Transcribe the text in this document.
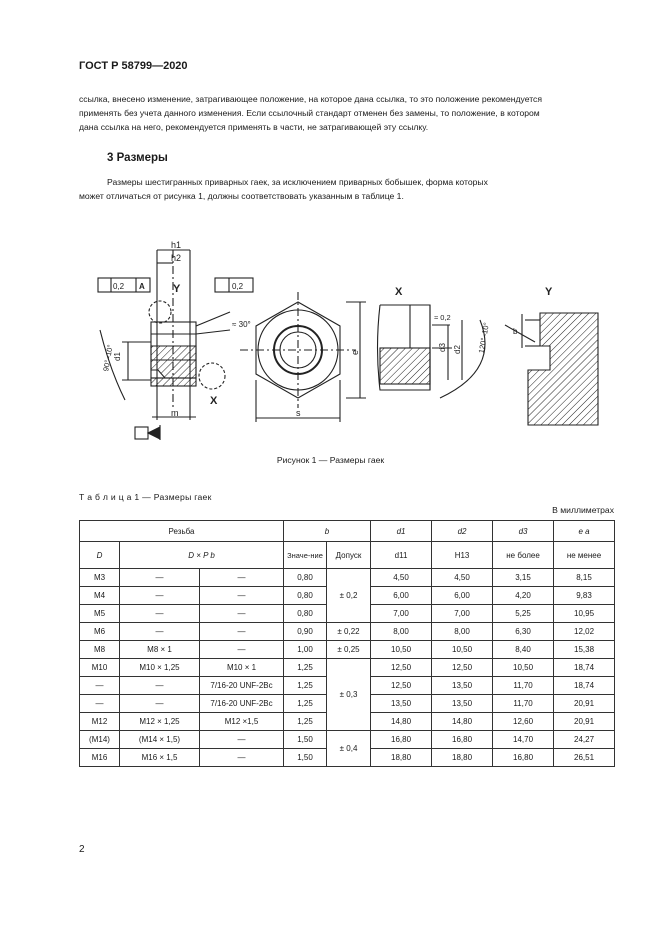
ГОСТ Р 58799—2020
ссылка, внесено изменение, затрагивающее положение, на которое дана ссылка, то это положение рекомендуется
применять без учета данного изменения. Если ссылочный стандарт отменен без замены, то положение, в котором
дана ссылка на него, рекомендуется применять в части, не затрагивающей эту ссылку.
3 Размеры
Размеры шестигранных приварных гаек, за исключением приварных бобышек, форма которых
может отличаться от рисунка 1, должны соответствовать указанным в таблице 1.
h1
h2
0,2 A	0,2
Y
X
≈ 30°
90°–10°
d1
A
m	s
e
X
≈ 0,2
d3 d2 120°–10°
Y
b
Рисунок 1 — Размеры гаек
Т а б л и ц а 1 — Размеры гаек
В миллиметрах
Резьба			b		d1	d2	d3	e a
D	D × P b		Значе-ние	Допуск	d11	H13	не более	не менее
M3	—	—	0,80	± 0,2	4,50	4,50	3,15	8,15
M4	—	—	0,80		6,00	6,00	4,20	9,83
M5	—	—	0,80		7,00	7,00	5,25	10,95
M6	—	—	0,90	± 0,22	8,00	8,00	6,30	12,02
M8	M8 × 1	—	1,00	± 0,25	10,50	10,50	8,40	15,38
M10	M10 × 1,25	M10 × 1	1,25	± 0,3	12,50	12,50	10,50	18,74
—	—	7/16-20 UNF-2Bc	1,25		12,50	13,50	11,70	18,74
—	—	7/16-20 UNF-2Bc	1,25		13,50	13,50	11,70	20,91
M12	M12 × 1,25	M12 ×1,5	1,25		14,80	14,80	12,60	20,91
(M14)	(M14 × 1,5)	—	1,50	± 0,4	16,80	16,80	14,70	24,27
M16	M16 × 1,5	—	1,50		18,80	18,80	16,80	26,51
2
